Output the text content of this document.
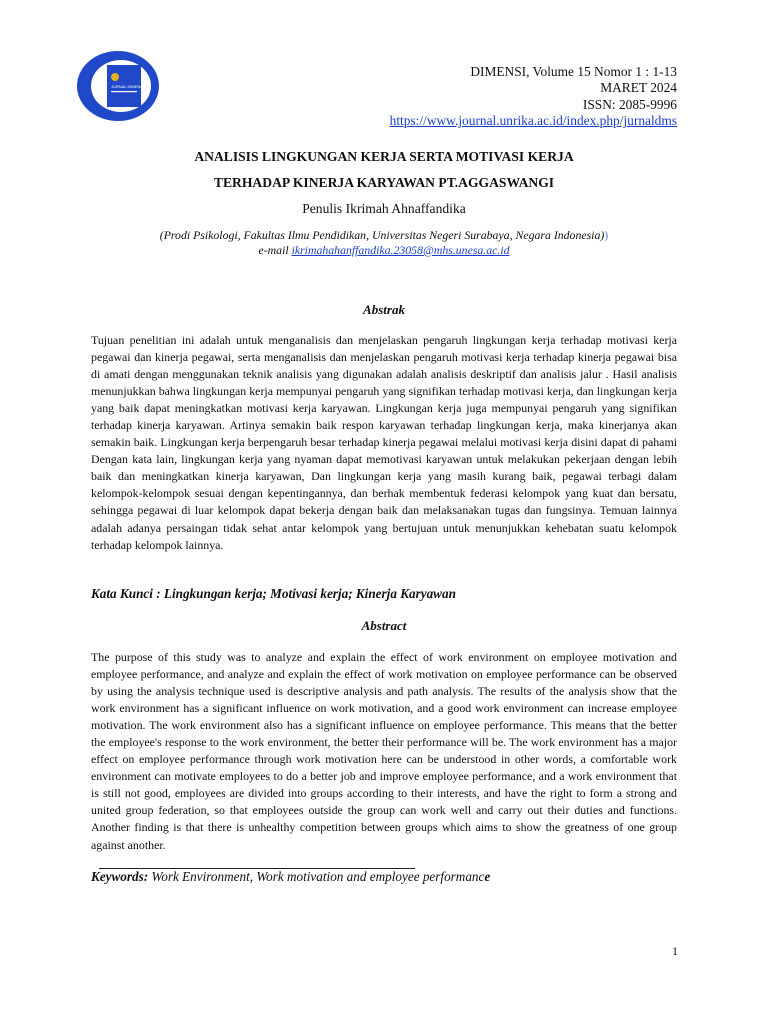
JURNAL DIMENSI
DIMENSI, Volume 15 Nomor 1 : 1-13
MARET 2024
ISSN: 2085-9996
https://www.journal.unrika.ac.id/index.php/jurnaldms
ANALISIS LINGKUNGAN KERJA SERTA MOTIVASI KERJA
TERHADAP KINERJA KARYAWAN PT.AGGASWANGI
Penulis Ikrimah Ahnaffandika
(Prodi Psikologi, Fakultas Ilmu Pendidikan, Universitas Negeri Surabaya, Negara Indonesia))
e-mail ikrimahahanffandika.23058@mhs.unesa.ac.id
Abstrak
Tujuan penelitian ini adalah untuk menganalisis dan menjelaskan pengaruh lingkungan kerja terhadap motivasi kerja pegawai dan kinerja pegawai, serta menganalisis dan menjelaskan pengaruh motivasi kerja terhadap kinerja pegawai bisa di amati dengan menggunakan teknik analisis yang digunakan adalah analisis deskriptif dan analisis jalur . Hasil analisis menunjukkan bahwa lingkungan kerja mempunyai pengaruh yang signifikan terhadap motivasi kerja, dan lingkungan kerja yang baik dapat meningkatkan motivasi kerja karyawan. Lingkungan kerja juga mempunyai pengaruh yang signifikan terhadap kinerja karyawan. Artinya semakin baik respon karyawan terhadap lingkungan kerja, maka kinerjanya akan semakin baik. Lingkungan kerja berpengaruh besar terhadap kinerja pegawai melalui motivasi kerja disini dapat di pahami Dengan kata lain, lingkungan kerja yang nyaman dapat memotivasi karyawan untuk melakukan pekerjaan dengan lebih baik dan meningkatkan kinerja karyawan, Dan lingkungan kerja yang masih kurang baik, pegawai terbagi dalam kelompok-kelompok sesuai dengan kepentingannya, dan berhak membentuk federasi kelompok yang kuat dan bersatu, sehingga pegawai di luar kelompok dapat bekerja dengan baik dan melaksanakan tugas dan fungsinya. Temuan lainnya adalah adanya persaingan tidak sehat antar kelompok yang bertujuan untuk menunjukkan kehebatan suatu kelompok terhadap kelompok lainnya.
Kata Kunci : Lingkungan kerja; Motivasi kerja; Kinerja Karyawan
Abstract
The purpose of this study was to analyze and explain the effect of work environment on employee motivation and employee performance, and analyze and explain the effect of work motivation on employee performance can be observed by using the analysis technique used is descriptive analysis and path analysis. The results of the analysis show that the work environment has a significant influence on work motivation, and a good work environment can increase employee motivation. The work environment also has a significant influence on employee performance. This means that the better the employee's response to the work environment, the better their performance will be. The work environment has a major effect on employee performance through work motivation here can be understood in other words, a comfortable work environment can motivate employees to do a better job and improve employee performance, and a work environment that is still not good, employees are divided into groups according to their interests, and have the right to form a strong and united group federation, so that employees outside the group can work well and carry out their duties and functions. Another finding is that there is unhealthy competition between groups which aims to show the greatness of one group against another.
Keywords: Work Environment, Work motivation and employee performance
1
